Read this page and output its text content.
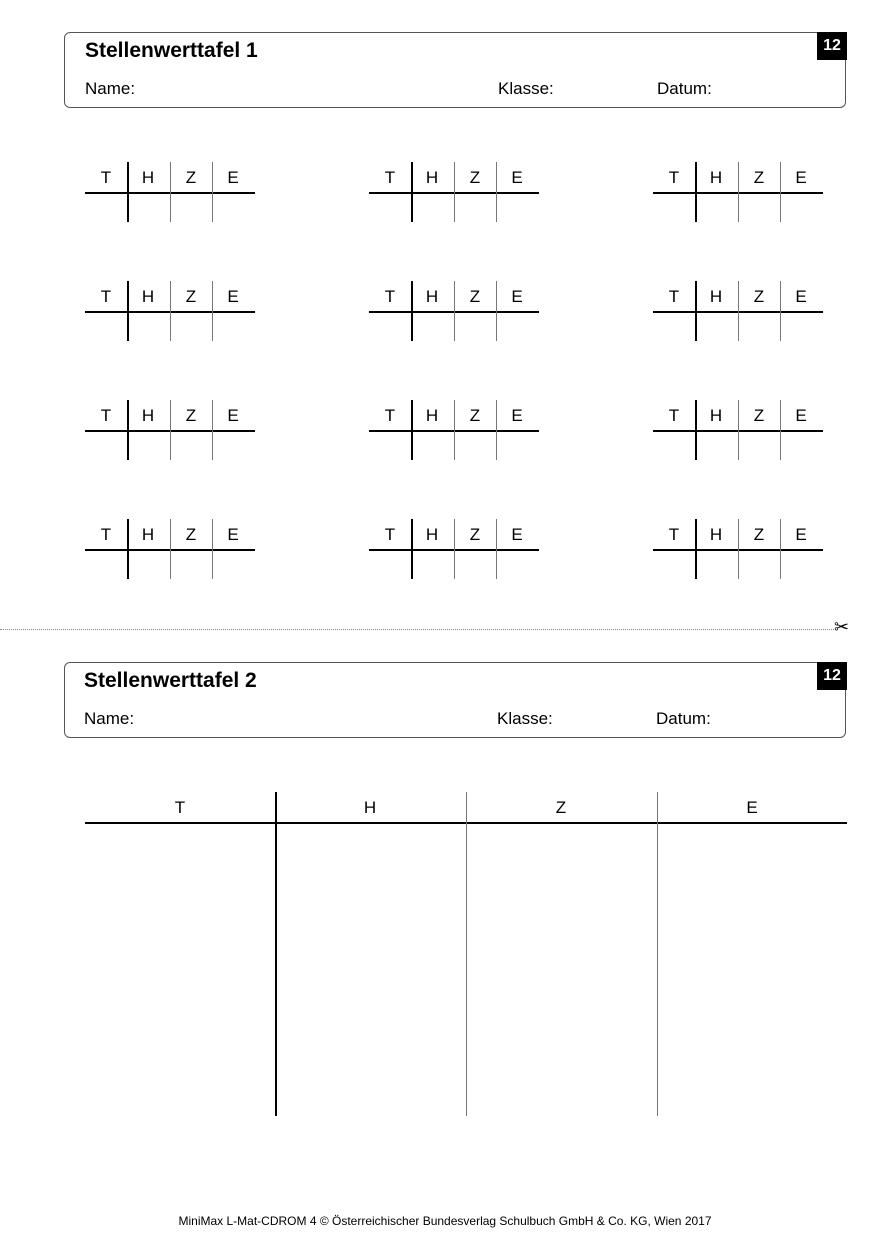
Stellenwerttafel 1
Name:	Klasse:	Datum:
12
T	H	Z	E	T	H	Z	E	T	H	Z	E
T	H	Z	E	T	H	Z	E	T	H	Z	E
T	H	Z	E	T	H	Z	E	T	H	Z	E
T	H	Z	E	T	H	Z	E	T	H	Z	E
✂
Stellenwerttafel 2
Name:	Klasse:	Datum:
12
T	H	Z	E
MiniMax L-Mat-CDROM 4 © Österreichischer Bundesverlag Schulbuch GmbH & Co. KG, Wien 2017
